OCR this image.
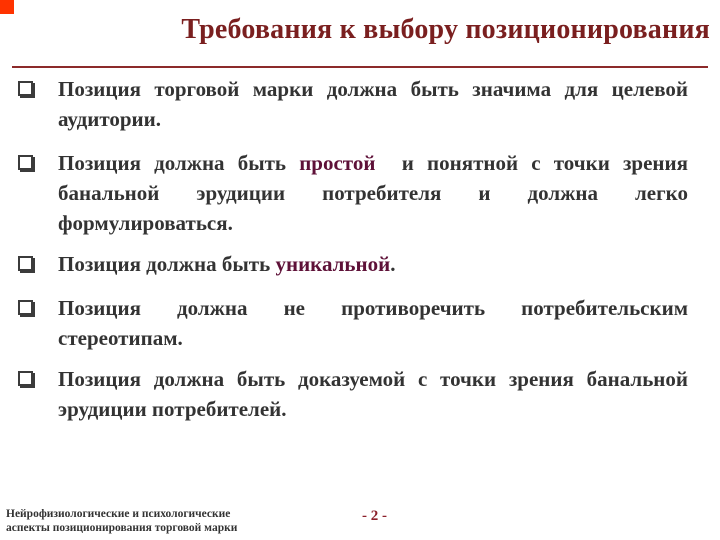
Требования к выбору позиционирования
Позиция торговой марки должна быть значима для целевой аудитории.
Позиция должна быть простой  и понятной с точки зрения банальной эрудиции потребителя и должна легко формулироваться.
Позиция должна быть уникальной.
Позиция должна не противоречить потребительским стереотипам.
Позиция должна быть доказуемой с точки зрения банальной эрудиции потребителей.
Нейрофизиологические и психологические
аспекты позиционирования торговой марки
- 2 -
